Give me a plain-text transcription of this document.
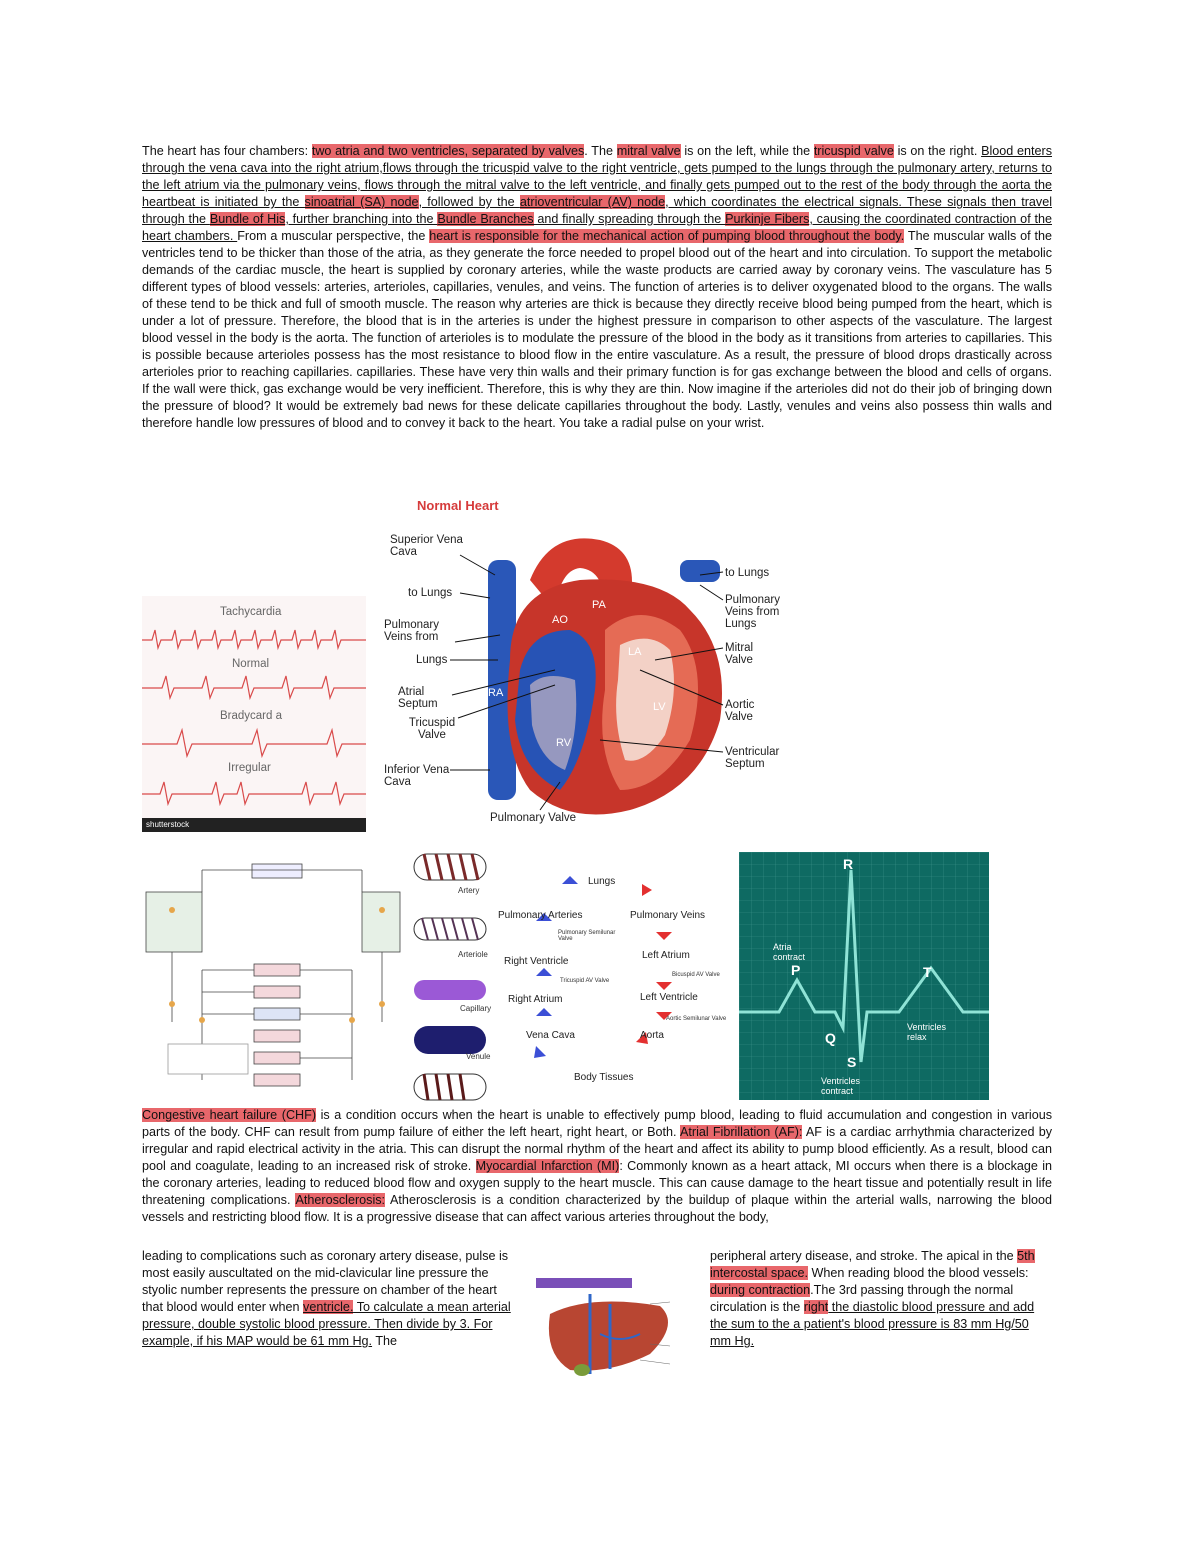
The heart has four chambers: two atria and two ventricles, separated by valves. The mitral valve is on the left, while the tricuspid valve is on the right. Blood enters through the vena cava into the right atrium,flows through the tricuspid valve to the right ventricle, gets pumped to the lungs through the pulmonary artery, returns to the left atrium via the pulmonary veins, flows through the mitral valve to the left ventricle, and finally gets pumped out to the rest of the body through the aorta the heartbeat is initiated by the sinoatrial (SA) node, followed by the atrioventricular (AV) node, which coordinates the electrical signals. These signals then travel through the Bundle of His, further branching into the Bundle Branches and finally spreading through the Purkinje Fibers, causing the coordinated contraction of the heart chambers. From a muscular perspective, the heart is responsible for the mechanical action of pumping blood throughout the body. The muscular walls of the ventricles tend to be thicker than those of the atria, as they generate the force needed to propel blood out of the heart and into circulation. To support the metabolic demands of the cardiac muscle, the heart is supplied by coronary arteries, while the waste products are carried away by coronary veins. The vasculature has 5 different types of blood vessels: arteries, arterioles, capillaries, venules, and veins. The function of arteries is to deliver oxygenated blood to the organs. The walls of these tend to be thick and full of smooth muscle. The reason why arteries are thick is because they directly receive blood being pumped from the heart, which is under a lot of pressure. Therefore, the blood that is in the arteries is under the highest pressure in comparison to other aspects of the vasculature. The largest blood vessel in the body is the aorta. The function of arterioles is to modulate the pressure of the blood in the body as it transitions from arteries to capillaries. This is possible because arterioles possess has the most resistance to blood flow in the entire vasculature. As a result, the pressure of blood drops drastically across arterioles prior to reaching capillaries. capillaries. These have very thin walls and their primary function is for gas exchange between the blood and cells of organs. If the wall were thick, gas exchange would be very inefficient. Therefore, this is why they are thin. Now imagine if the arterioles did not do their job of bringing down the pressure of blood? It would be extremely bad news for these delicate capillaries throughout the body. Lastly, venules and veins also possess thin walls and therefore handle low pressures of blood and to convey it back to the heart. You take a radial pulse on your wrist.
Normal Heart
AO
PA
LA
RA
LV
RV
Superior Vena Cava
to Lungs
Pulmonary Veins from
Lungs
Atrial Septum
Tricuspid Valve
Inferior Vena Cava
Pulmonary Valve
to Lungs
Pulmonary Veins from Lungs
Mitral Valve
Aortic Valve
Ventricular Septum
Tachycardia
Normal
Bradycard a
Irregular
shutterstock
Artery
Arteriole
Capillary
Venule
Lungs
Pulmonary Arteries	Pulmonary Veins
Pulmonary Semilunar Valve
Left Atrium
Right Ventricle
Bicuspid AV Valve
Tricuspid AV Valve
Right Atrium	Left Ventricle
Aortic Semilunar Valve
Vena Cava	Aorta
Body Tissues
R
P	T
Q
S
Atria contract
Ventricles relax
Ventricles contract
Congestive heart failure (CHF) is a condition occurs when the heart is unable to effectively pump blood, leading to fluid accumulation and congestion in various parts of the body. CHF can result from pump failure of either the left heart, right heart, or Both. Atrial Fibrillation (AF): AF is a cardiac arrhythmia characterized by irregular and rapid electrical activity in the atria. This can disrupt the normal rhythm of the heart and affect its ability to pump blood efficiently. As a result, blood can pool and coagulate, leading to an increased risk of stroke. Myocardial Infarction (MI): Commonly known as a heart attack, MI occurs when there is a blockage in the coronary arteries, leading to reduced blood flow and oxygen supply to the heart muscle. This can cause damage to the heart tissue and potentially result in life threatening complications. Atherosclerosis: Atherosclerosis is a condition characterized by the buildup of plaque within the arterial walls, narrowing the blood vessels and restricting blood flow. It is a progressive disease that can affect various arteries throughout the body,
leading to complications such as coronary artery disease, pulse is most easily auscultated on the mid-clavicular line pressure the styolic number represents the pressure on chamber of the heart that blood would enter when ventricle. To calculate a mean arterial pressure, double systolic blood pressure. Then divide by 3. For example, if his MAP would be 61 mm Hg. The
peripheral artery disease, and stroke. The apical in the 5th intercostal space. When reading blood the blood vessels: during contraction.The 3rd passing through the normal circulation is the right the diastolic blood pressure and add the sum to the a patient's blood pressure is 83 mm Hg/50 mm Hg.
